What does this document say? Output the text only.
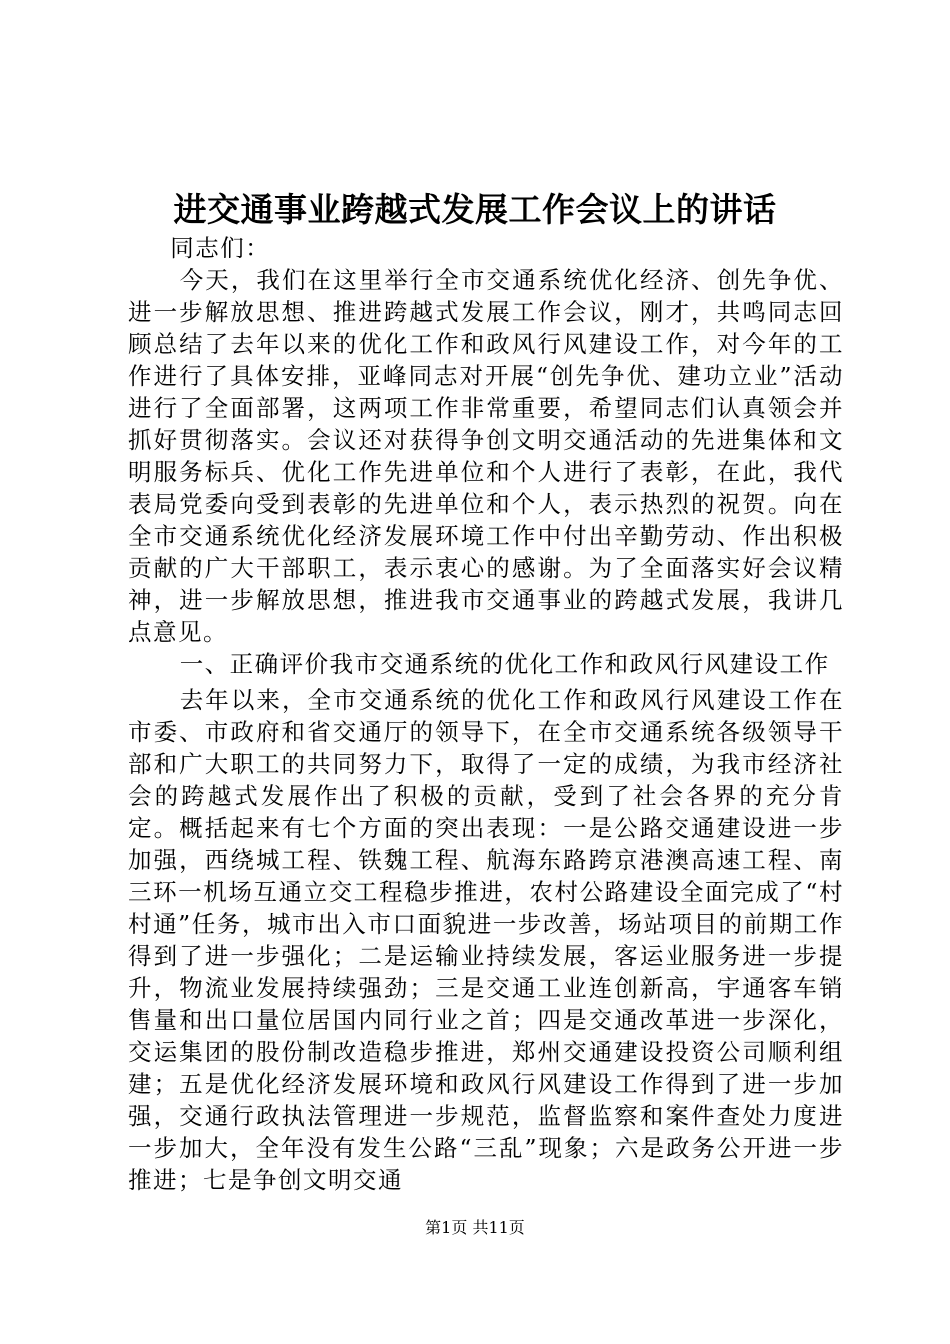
进交通事业跨越式发展工作会议上的讲话

同志们：

今天，我们在这里举行全市交通系统优化经济、创先争优、进一步解放思想、推进跨越式发展工作会议，刚才，共鸣同志回顾总结了去年以来的优化工作和政风行风建设工作，对今年的工作进行了具体安排，亚峰同志对开展“创先争优、建功立业”活动进行了全面部署，这两项工作非常重要，希望同志们认真领会并抓好贯彻落实。会议还对获得争创文明交通活动的先进集体和文明服务标兵、优化工作先进单位和个人进行了表彰，在此，我代表局党委向受到表彰的先进单位和个人，表示热烈的祝贺。向在全市交通系统优化经济发展环境工作中付出辛勤劳动、作出积极贡献的广大干部职工，表示衷心的感谢。为了全面落实好会议精神，进一步解放思想，推进我市交通事业的跨越式发展，我讲几点意见。

一、正确评价我市交通系统的优化工作和政风行风建设工作

去年以来，全市交通系统的优化工作和政风行风建设工作在市委、市政府和省交通厅的领导下，在全市交通系统各级领导干部和广大职工的共同努力下，取得了一定的成绩，为我市经济社会的跨越式发展作出了积极的贡献，受到了社会各界的充分肯定。概括起来有七个方面的突出表现：一是公路交通建设进一步加强，西绕城工程、铁魏工程、航海东路跨京港澳高速工程、南三环一机场互通立交工程稳步推进，农村公路建设全面完成了“村村通”任务，城市出入市口面貌进一步改善，场站项目的前期工作得到了进一步强化；二是运输业持续发展，客运业服务进一步提升，物流业发展持续强劲；三是交通工业连创新高，宇通客车销售量和出口量位居国内同行业之首；四是交通改革进一步深化，交运集团的股份制改造稳步推进，郑州交通建设投资公司顺利组建；五是优化经济发展环境和政风行风建设工作得到了进一步加强，交通行政执法管理进一步规范，监督监察和案件查处力度进一步加大，全年没有发生公路“三乱”现象；六是政务公开进一步推进；七是争创文明交通

第1页 共11页
